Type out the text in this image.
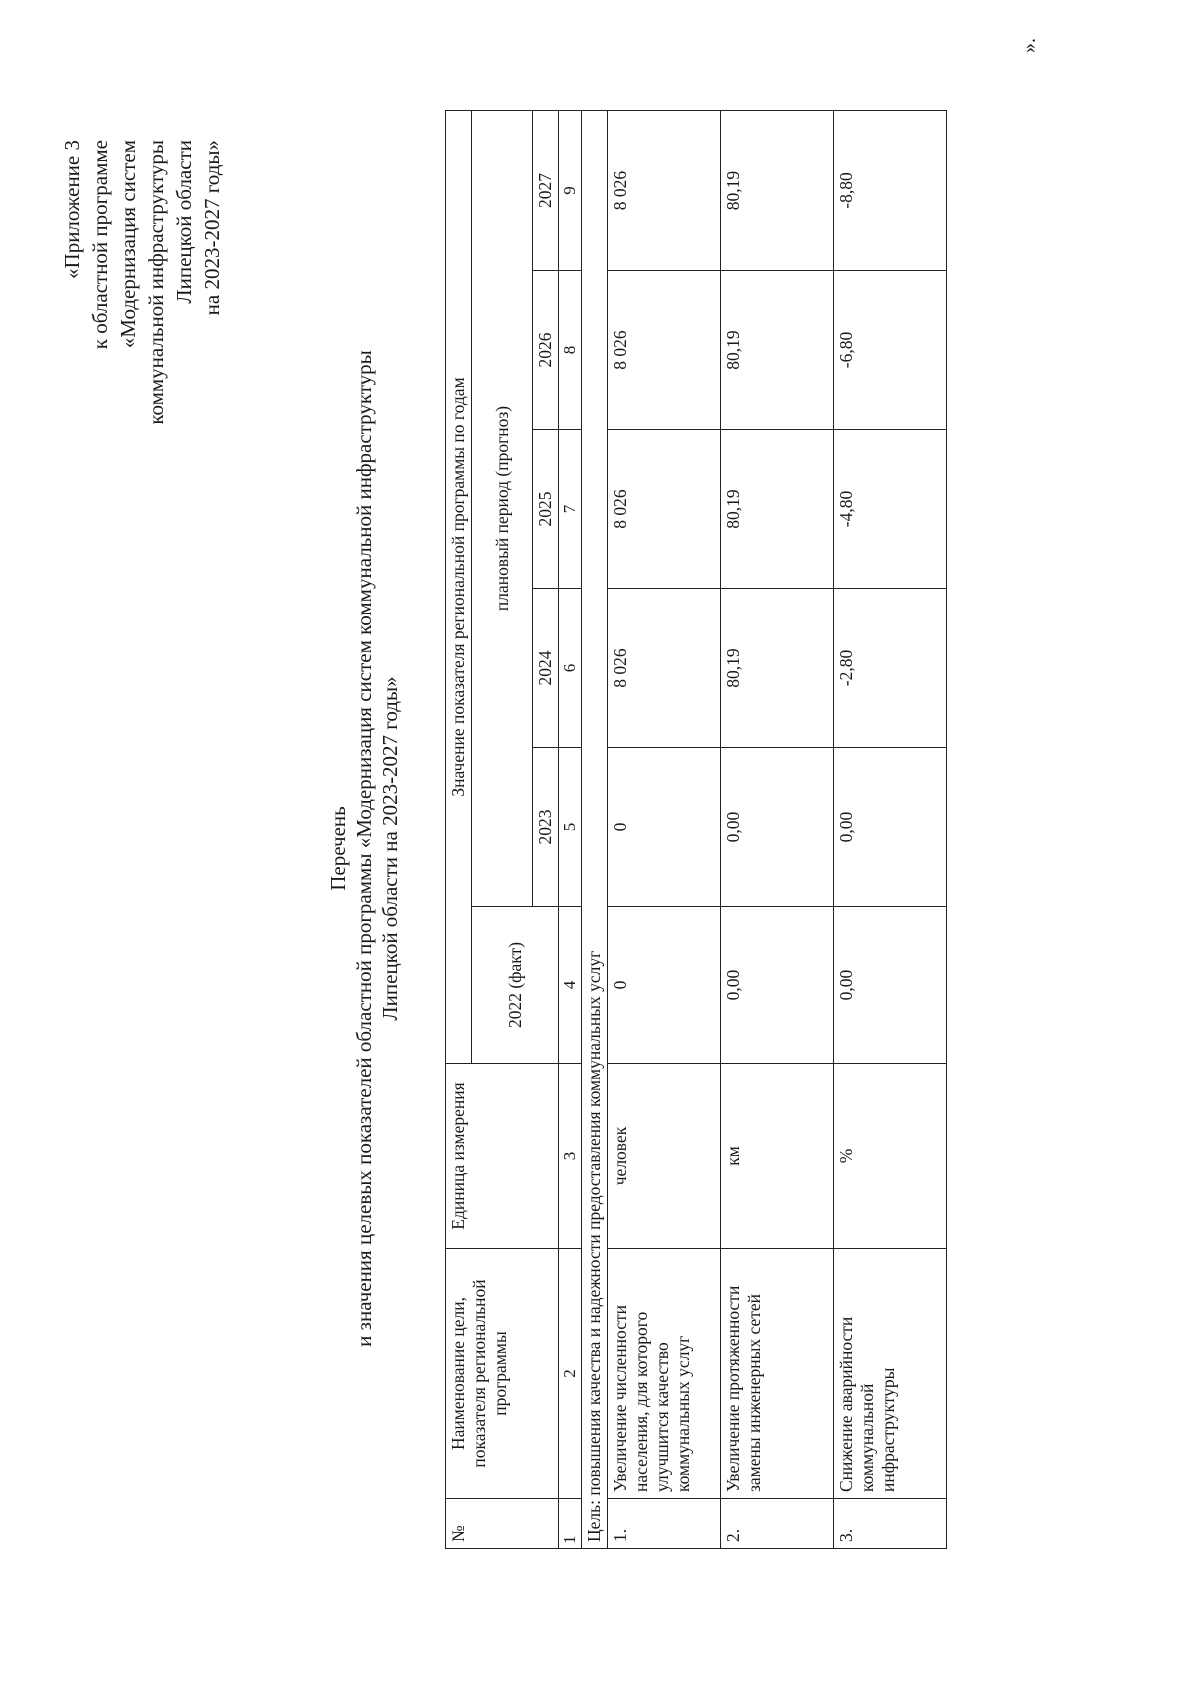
«Приложение 3 к областной программе «Модернизация систем коммунальной инфраструктуры Липецкой области на 2023-2027 годы»
Перечень и значения целевых показателей областной программы «Модернизация систем коммунальной инфраструктуры Липецкой области на 2023-2027 годы»
№	Наименование цели, показателя региональной программы	Единица измерения	Значение показателя региональной программы по годам					
			2022 (факт)	плановый период (прогноз)				
				2023	2024	2025	2026	2027
1	2	3	4	5	6	7	8	9
Цель: повышения качества и надежности предоставления коммунальных услуг								
1.	Увеличение численности населения, для которого улучшится качество коммунальных услуг	человек	0	0	8 026	8 026	8 026	8 026
2.	Увеличение протяженности замены инженерных сетей	км	0,00	0,00	80,19	80,19	80,19	80,19
3.	Снижение аварийности коммунальной инфраструктуры	%	0,00	0,00	-2,80	-4,80	-6,80	-8,80
».
